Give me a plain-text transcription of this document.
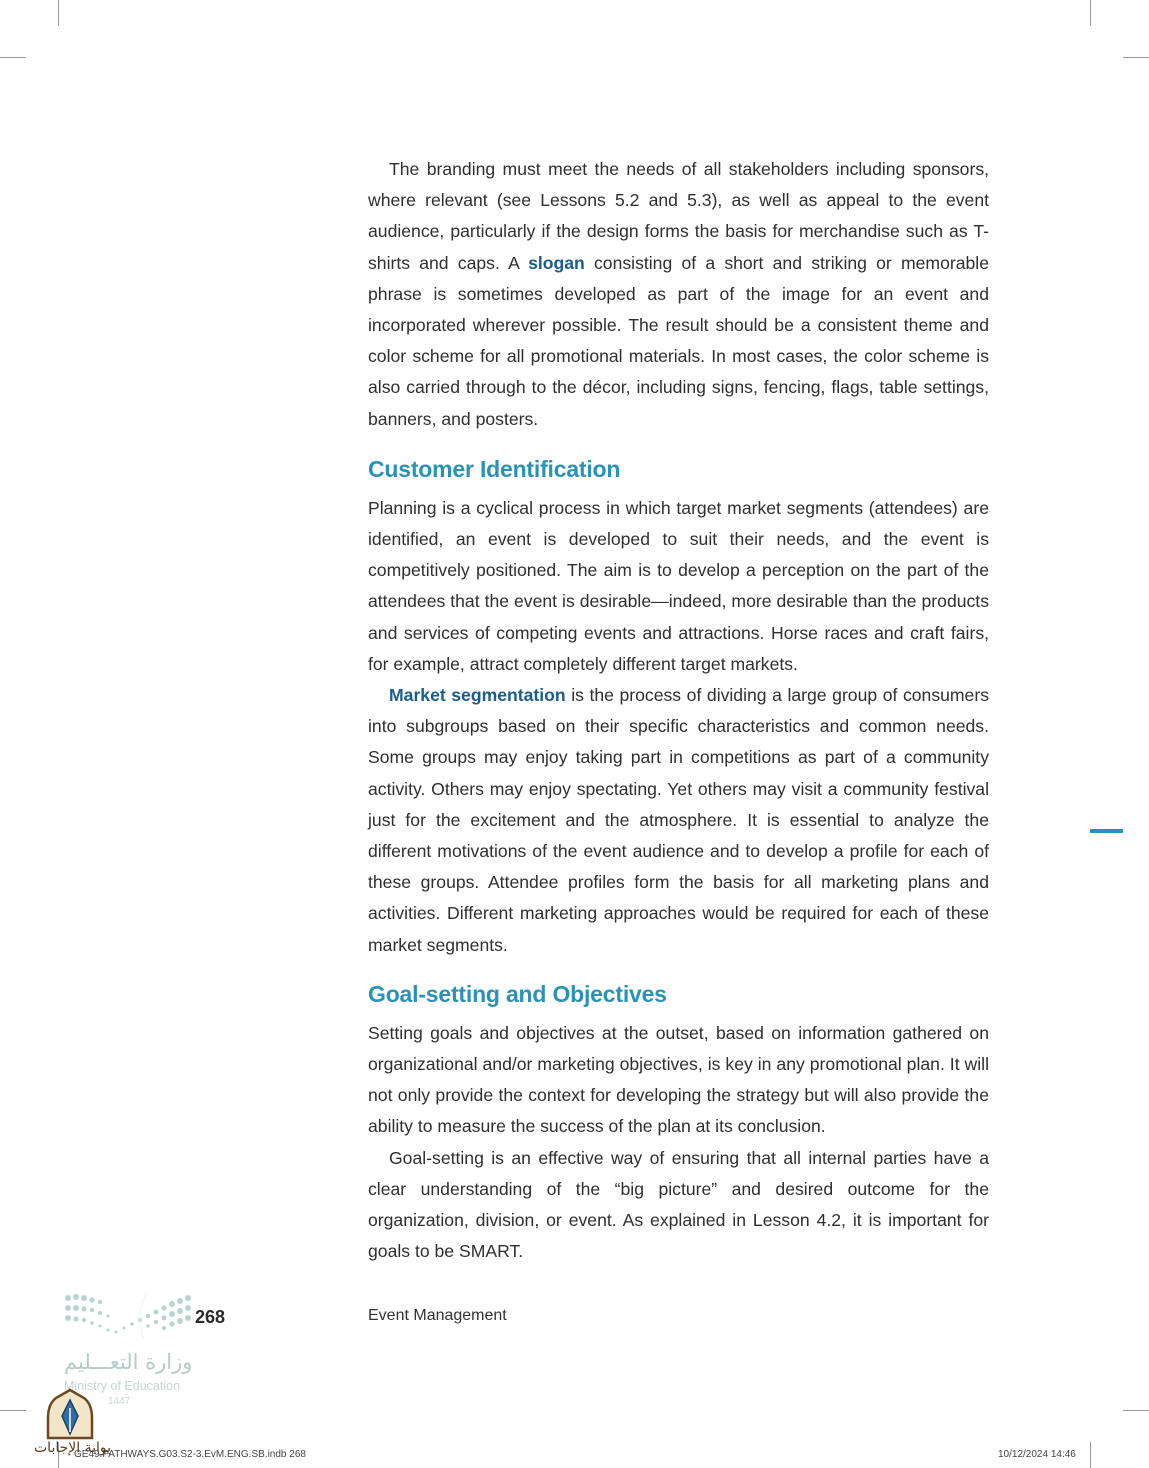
The branding must meet the needs of all stakeholders including sponsors, where relevant (see Lessons 5.2 and 5.3), as well as appeal to the event audience, particularly if the design forms the basis for merchandise such as T-shirts and caps. A slogan consisting of a short and striking or memorable phrase is sometimes developed as part of the image for an event and incorporated wherever possible. The result should be a consistent theme and color scheme for all promotional materials. In most cases, the color scheme is also carried through to the décor, including signs, fencing, flags, table settings, banners, and posters.

Customer Identification

Planning is a cyclical process in which target market segments (attendees) are identified, an event is developed to suit their needs, and the event is competitively positioned. The aim is to develop a perception on the part of the attendees that the event is desirable—indeed, more desirable than the products and services of competing events and attractions. Horse races and craft fairs, for example, attract completely different target markets.

Market segmentation is the process of dividing a large group of consumers into subgroups based on their specific characteristics and common needs. Some groups may enjoy taking part in competitions as part of a community activity. Others may enjoy spectating. Yet others may visit a community festival just for the excitement and the atmosphere. It is essential to analyze the different motivations of the event audience and to develop a profile for each of these groups. Attendee profiles form the basis for all marketing plans and activities. Different marketing approaches would be required for each of these market segments.

Goal-setting and Objectives

Setting goals and objectives at the outset, based on information gathered on organizational and/or marketing objectives, is key in any promotional plan. It will not only provide the context for developing the strategy but will also provide the ability to measure the success of the plan at its conclusion.

Goal-setting is an effective way of ensuring that all internal parties have a clear understanding of the “big picture” and desired outcome for the organization, division, or event. As explained in Lesson 4.2, it is important for goals to be SMART.

268	Event Management
وزارة التعـــليم
Ministry of Education
1447
بوابة الإجابات
GE49.PATHWAYS.G03.S2-3.EvM.ENG.SB.indb 268	10/12/2024 14:46
